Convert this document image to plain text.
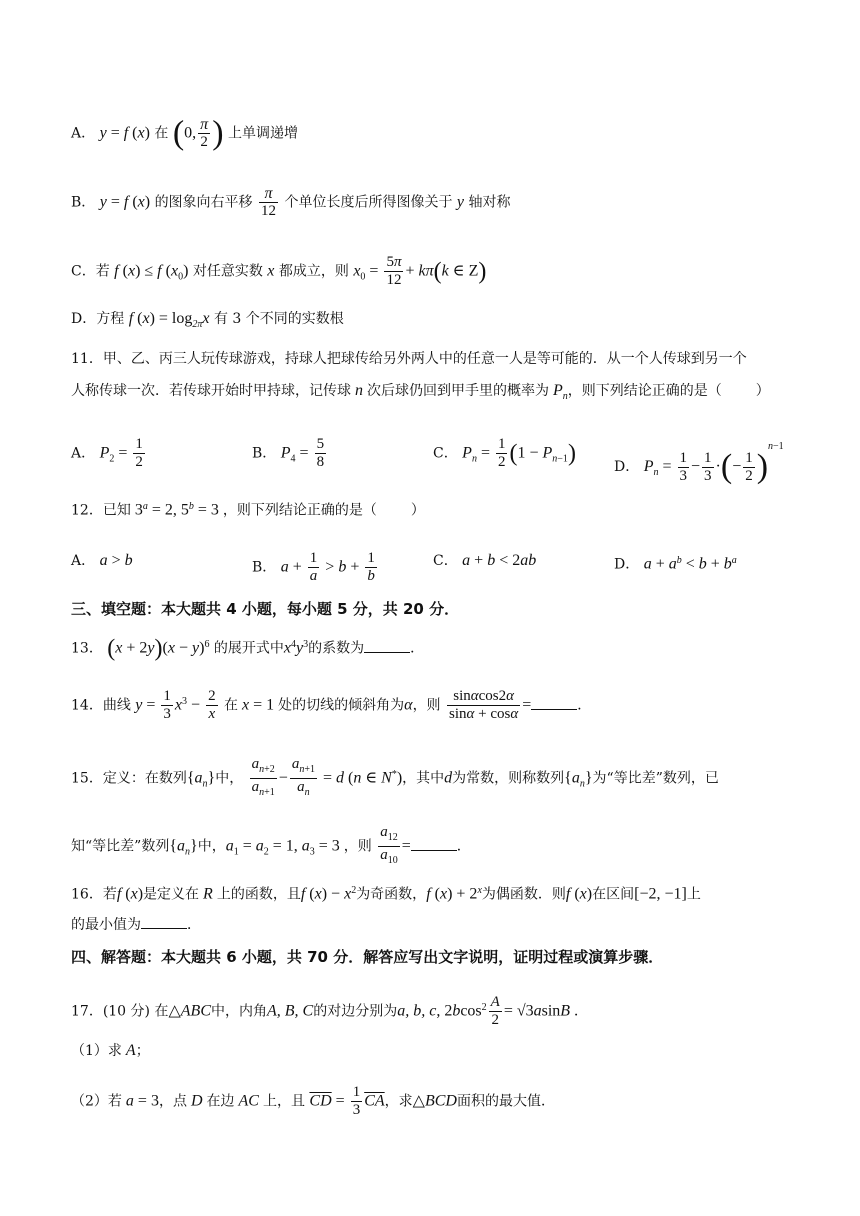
A． y = f (x) 在 (0, $\frac{\pi}{2}$ ) 上单调递增
B． y = f (x) 的图象向右平移 $\frac{\pi}{12}$ 个单位长度后所得图像关于 y 轴对称
C．若 f (x) ≤ f $(x_0)$ 对任意实数 x 都成立，则 $x_0 = \frac{5\pi}{12} + k\pi(k$ ∈ Z)
D．方程 f $(x) = \log_{2\pi}x$ 有 3 个不同的实数根
11．甲、乙、丙三人玩传球游戏，持球人把球传给另外两人中的任意一人是等可能的．从一个人传球到另一个
人称传球一次．若传球开始时甲持球，记传球 n 次后球仍回到甲手里的概率为 $P_n$，则下列结论正确的是（ ）
A． $P_2 = \frac{1}{2}$	B． $P_4 = \frac{5}{8}$	C． $P_n = \frac{1}{2} (1 - P_{n-1})$
D． $P_n = \frac{1}{3} - \frac{1}{3}$ ·(− $\frac{1}{2} )^{n-1}$
12．已知 $3^a = 2$, $5^b = 3$ ，则下列结论正确的是（ ）
A． a > b	B． $a + \frac{1}{a} > b + \frac{1}{b}$	C． a + b < 2ab	D． $a + a^b < b + b^a$
三、填空题：本大题共 4 小题，每小题 5 分，共 20 分．
13． $(x + 2y)(x - y)^6$ 的展开式中$x^4y^3$的系数为	．
14．曲线 $y = \frac{1}{3} x^3 - \frac{2}{x}$ 在 x = 1 处的切线的倾斜角为α，则 $\frac{\sin\alpha\cos 2\alpha}{\sin\alpha + \cos\alpha}$ =	．
15．定义：在数列$\{a_n\}$中， $\frac{a_{n+2}}{a_{n+1}} - \frac{a_{n+1}}{a_n} = d$ (n ∈ N*)，其中d为常数，则称数列$\{a_n\}$为“等比差”数列，已
知“等比差”数列$\{a_n\}$中，$a_1 = a_2 = 1$, $a_3 = 3$ ，则 $\frac{a_{12}}{a_{10}}$ =	．
16．若f (x)是定义在 R 上的函数，且f $(x) - x^2$为奇函数，f $(x) + 2^x$为偶函数．则f (x)在区间[−2, −1]上
的最小值为	．
四、解答题：本大题共 6 小题，共 70 分．解答应写出文字说明，证明过程或演算步骤．
17．(10 分) 在△ABC中，内角A, B, C的对边分别为a, b, c, $2bcos^2 \frac{A}{2} = √3asinB$ .
（1）求 A；
（2）若 a = 3，点 D 在边 AC 上，且 $\overline{CD} = \frac{1}{3} \overline{CA}$，求△BCD面积的最大值．
